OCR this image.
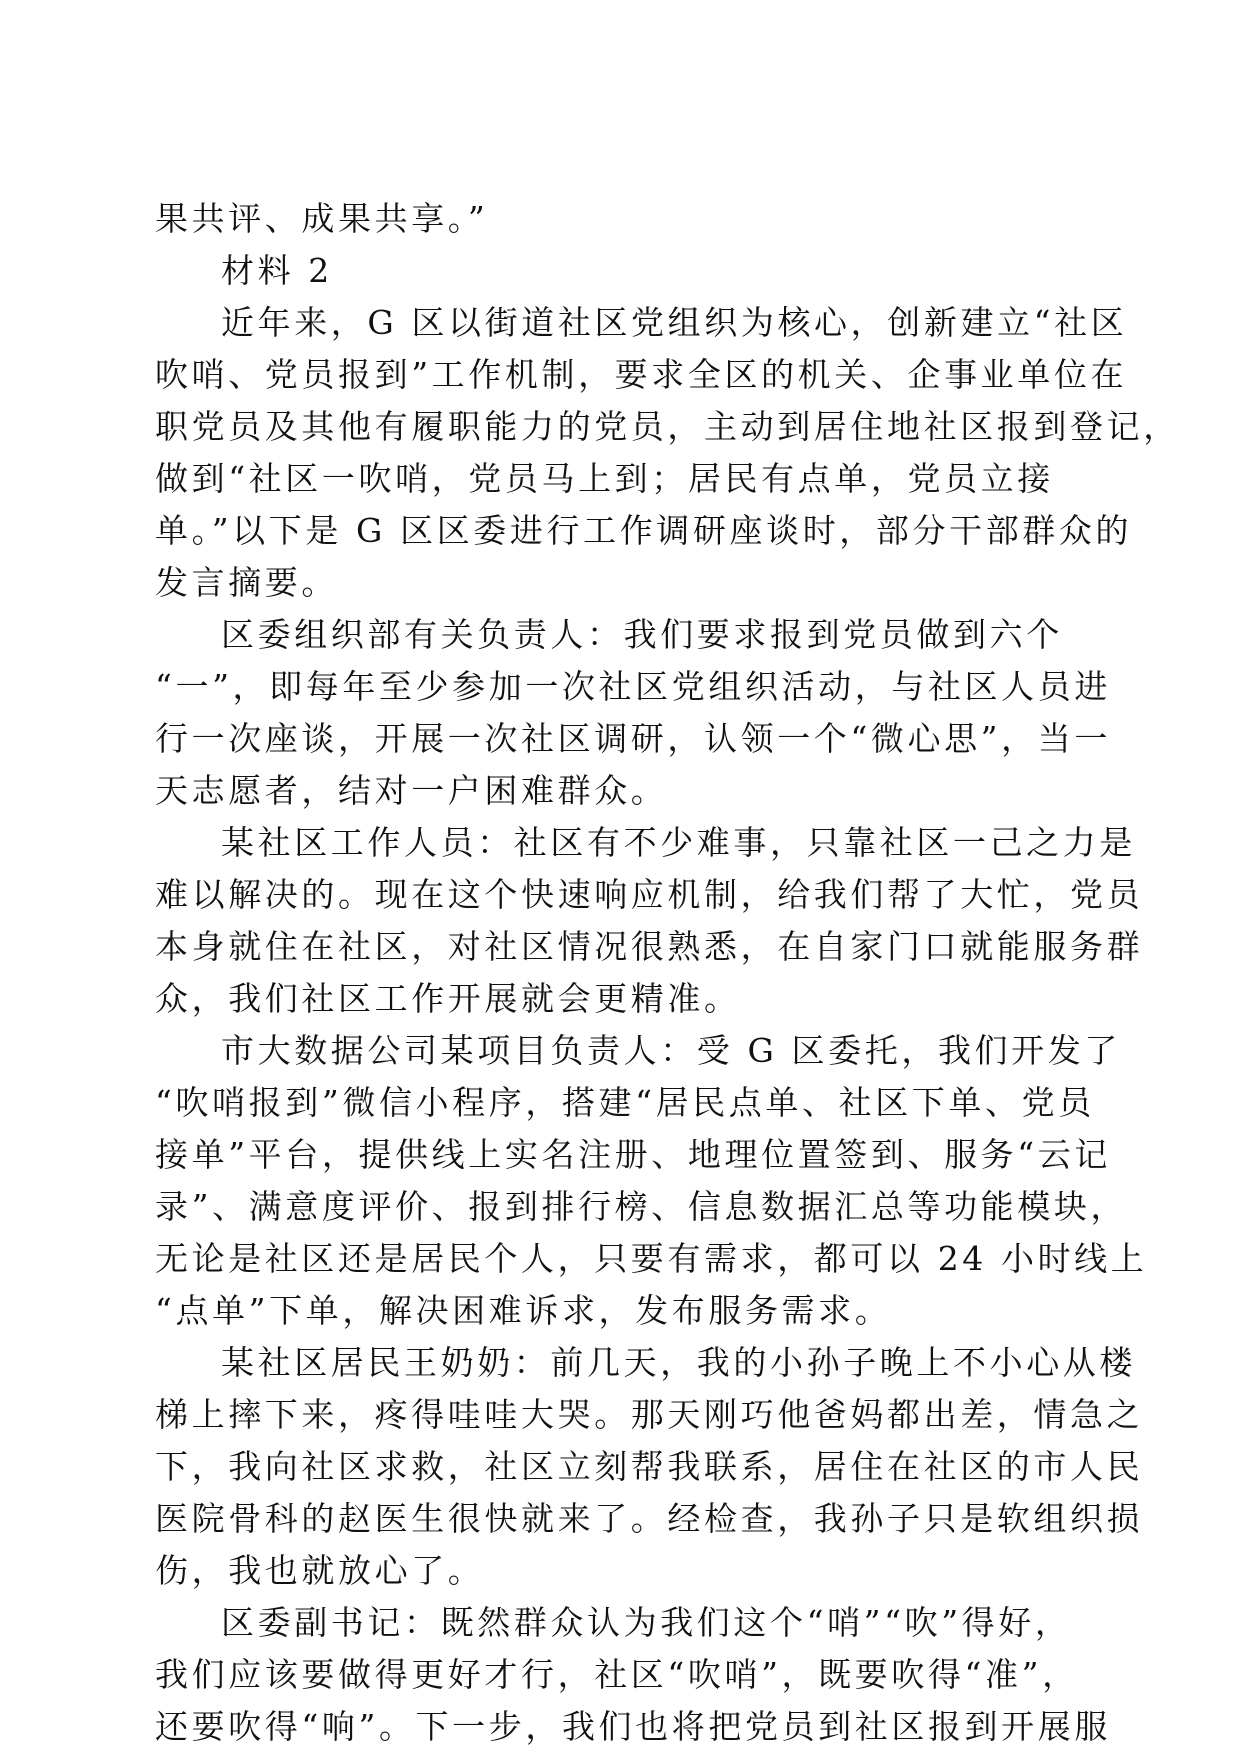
果共评、成果共享。”
材料 2
近年来，G 区以街道社区党组织为核心，创新建立“社区
吹哨、党员报到”工作机制，要求全区的机关、企事业单位在
职党员及其他有履职能力的党员，主动到居住地社区报到登记，
做到“社区一吹哨，党员马上到；居民有点单，党员立接
单。”以下是 G 区区委进行工作调研座谈时，部分干部群众的
发言摘要。
区委组织部有关负责人：我们要求报到党员做到六个
“一”，即每年至少参加一次社区党组织活动，与社区人员进
行一次座谈，开展一次社区调研，认领一个“微心思”，当一
天志愿者，结对一户困难群众。
某社区工作人员：社区有不少难事，只靠社区一己之力是
难以解决的。现在这个快速响应机制，给我们帮了大忙，党员
本身就住在社区，对社区情况很熟悉，在自家门口就能服务群
众，我们社区工作开展就会更精准。
市大数据公司某项目负责人：受 G 区委托，我们开发了
“吹哨报到”微信小程序，搭建“居民点单、社区下单、党员
接单”平台，提供线上实名注册、地理位置签到、服务“云记
录”、满意度评价、报到排行榜、信息数据汇总等功能模块，
无论是社区还是居民个人，只要有需求，都可以 24 小时线上
“点单”下单，解决困难诉求，发布服务需求。
某社区居民王奶奶：前几天，我的小孙子晚上不小心从楼
梯上摔下来，疼得哇哇大哭。那天刚巧他爸妈都出差，情急之
下，我向社区求救，社区立刻帮我联系，居住在社区的市人民
医院骨科的赵医生很快就来了。经检查，我孙子只是软组织损
伤，我也就放心了。
区委副书记：既然群众认为我们这个“哨”“吹”得好，
我们应该要做得更好才行，社区“吹哨”，既要吹得“准”，
还要吹得“响”。下一步，我们也将把党员到社区报到开展服
